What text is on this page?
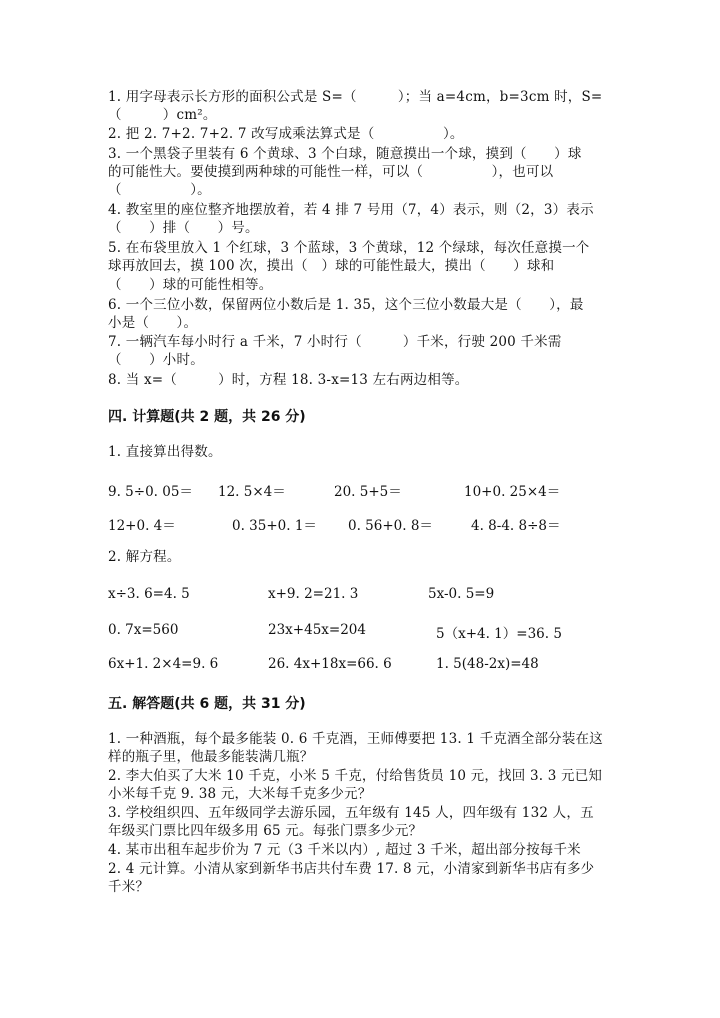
1. 用字母表示长方形的面积公式是 S=（　　　）；当 a=4cm，b=3cm 时，S=
（　　　）cm²。
2. 把 2. 7+2. 7+2. 7 改写成乘法算式是（　　　　　）。
3. 一个黑袋子里装有 6 个黄球、3 个白球，随意摸出一个球，摸到（　　）球
的可能性大。要使摸到两种球的可能性一样，可以（　　　　　），也可以
（　　　　　）。
4. 教室里的座位整齐地摆放着，若 4 排 7 号用（7，4）表示，则（2，3）表示
（　　）排（　　）号。
5. 在布袋里放入 1 个红球，3 个蓝球，3 个黄球，12 个绿球，每次任意摸一个
球再放回去，摸 100 次，摸出（　）球的可能性最大，摸出（　　）球和
（　　）球的可能性相等。
6. 一个三位小数，保留两位小数后是 1. 35，这个三位小数最大是（　　），最
小是（　　）。
7. 一辆汽车每小时行 a 千米，7 小时行（　　　）千米，行驶 200 千米需
（　　）小时。
8. 当 x=（　　　）时，方程 18. 3-x=13 左右两边相等。
四. 计算题(共 2 题，共 26 分)
1. 直接算出得数。
9. 5÷0. 05＝ 12. 5×4＝	20. 5+5＝	10+0. 25×4＝
12+0. 4＝	0. 35+0. 1＝ 0. 56+0. 8＝	4. 8-4. 8÷8＝
2. 解方程。
x÷3. 6=4. 5	x+9. 2=21. 3	5x-0. 5=9
0. 7x=560	23x+45x=204	5（x+4. 1）=36. 5
6x+1. 2×4=9. 6	26. 4x+18x=66. 6	1. 5(48-2x)=48
五. 解答题(共 6 题，共 31 分)
1. 一种酒瓶，每个最多能装 0. 6 千克酒，王师傅要把 13. 1 千克酒全部分装在这
样的瓶子里，他最多能装满几瓶？
2. 李大伯买了大米 10 千克，小米 5 千克，付给售货员 10 元，找回 3. 3 元已知
小米每千克 9. 38 元，大米每千克多少元？
3. 学校组织四、五年级同学去游乐园，五年级有 145 人，四年级有 132 人，五
年级买门票比四年级多用 65 元。每张门票多少元？
4. 某市出租车起步价为 7 元（3 千米以内）, 超过 3 千米，超出部分按每千米
2. 4 元计算。小清从家到新华书店共付车费 17. 8 元，小清家到新华书店有多少
千米？
